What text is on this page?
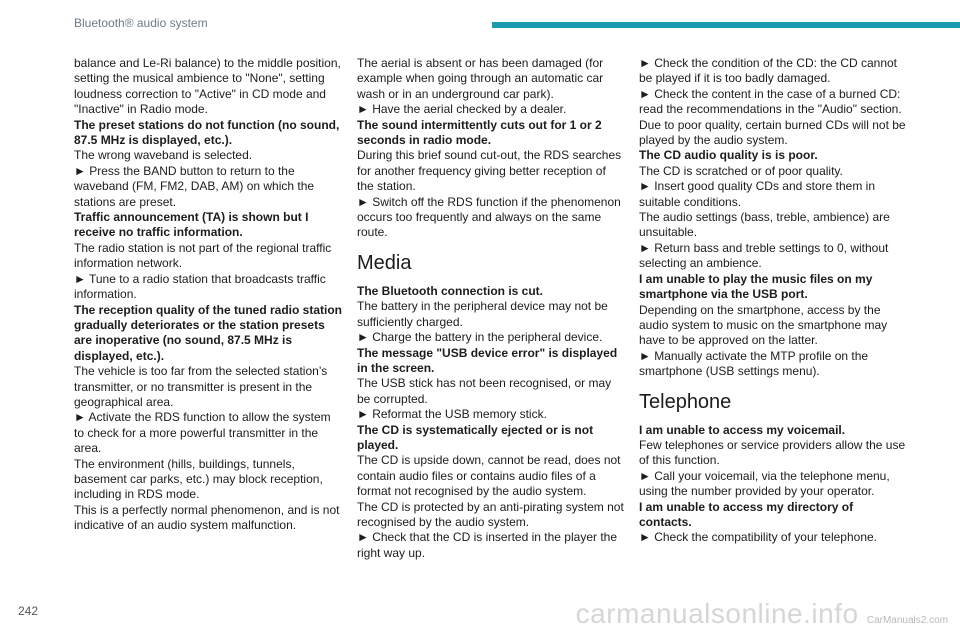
Bluetooth® audio system

balance and Le-Ri balance) to the middle position, setting the musical ambience to "None", setting loudness correction to "Active" in CD mode and "Inactive" in Radio mode.

The preset stations do not function (no sound, 87.5 MHz is displayed, etc.).

The wrong waveband is selected.

► Press the BAND button to return to the waveband (FM, FM2, DAB, AM) on which the stations are preset.

Traffic announcement (TA) is shown but I receive no traffic information.

The radio station is not part of the regional traffic information network.

► Tune to a radio station that broadcasts traffic information.

The reception quality of the tuned radio station gradually deteriorates or the station presets are inoperative (no sound, 87.5 MHz is displayed, etc.).

The vehicle is too far from the selected station’s transmitter, or no transmitter is present in the geographical area.

► Activate the RDS function to allow the system to check for a more powerful transmitter in the area.

The environment (hills, buildings, tunnels, basement car parks, etc.) may block reception, including in RDS mode.

This is a perfectly normal phenomenon, and is not indicative of an audio system malfunction.

The aerial is absent or has been damaged (for example when going through an automatic car wash or in an underground car park).

► Have the aerial checked by a dealer.

The sound intermittently cuts out for 1 or 2 seconds in radio mode.

During this brief sound cut-out, the RDS searches for another frequency giving better reception of the station.

► Switch off the RDS function if the phenomenon occurs too frequently and always on the same route.

Media

The Bluetooth connection is cut.

The battery in the peripheral device may not be sufficiently charged.

► Charge the battery in the peripheral device.

The message "USB device error" is displayed in the screen.

The USB stick has not been recognised, or may be corrupted.

► Reformat the USB memory stick.

The CD is systematically ejected or is not played.

The CD is upside down, cannot be read, does not contain audio files or contains audio files of a format not recognised by the audio system.

The CD is protected by an anti-pirating system not recognised by the audio system.

► Check that the CD is inserted in the player the right way up.

► Check the condition of the CD: the CD cannot be played if it is too badly damaged.

► Check the content in the case of a burned CD: read the recommendations in the "Audio" section.

Due to poor quality, certain burned CDs will not be played by the audio system.

The CD audio quality is is poor.

The CD is scratched or of poor quality.

► Insert good quality CDs and store them in suitable conditions.

The audio settings (bass, treble, ambience) are unsuitable.

► Return bass and treble settings to 0, without selecting an ambience.

I am unable to play the music files on my smartphone via the USB port.

Depending on the smartphone, access by the audio system to music on the smartphone may have to be approved on the latter.

► Manually activate the MTP profile on the smartphone (USB settings menu).

Telephone

I am unable to access my voicemail.

Few telephones or service providers allow the use of this function.

► Call your voicemail, via the telephone menu, using the number provided by your operator.

I am unable to access my directory of contacts.

► Check the compatibility of your telephone.

242	carmanualsonline.info CarManuals2.com
